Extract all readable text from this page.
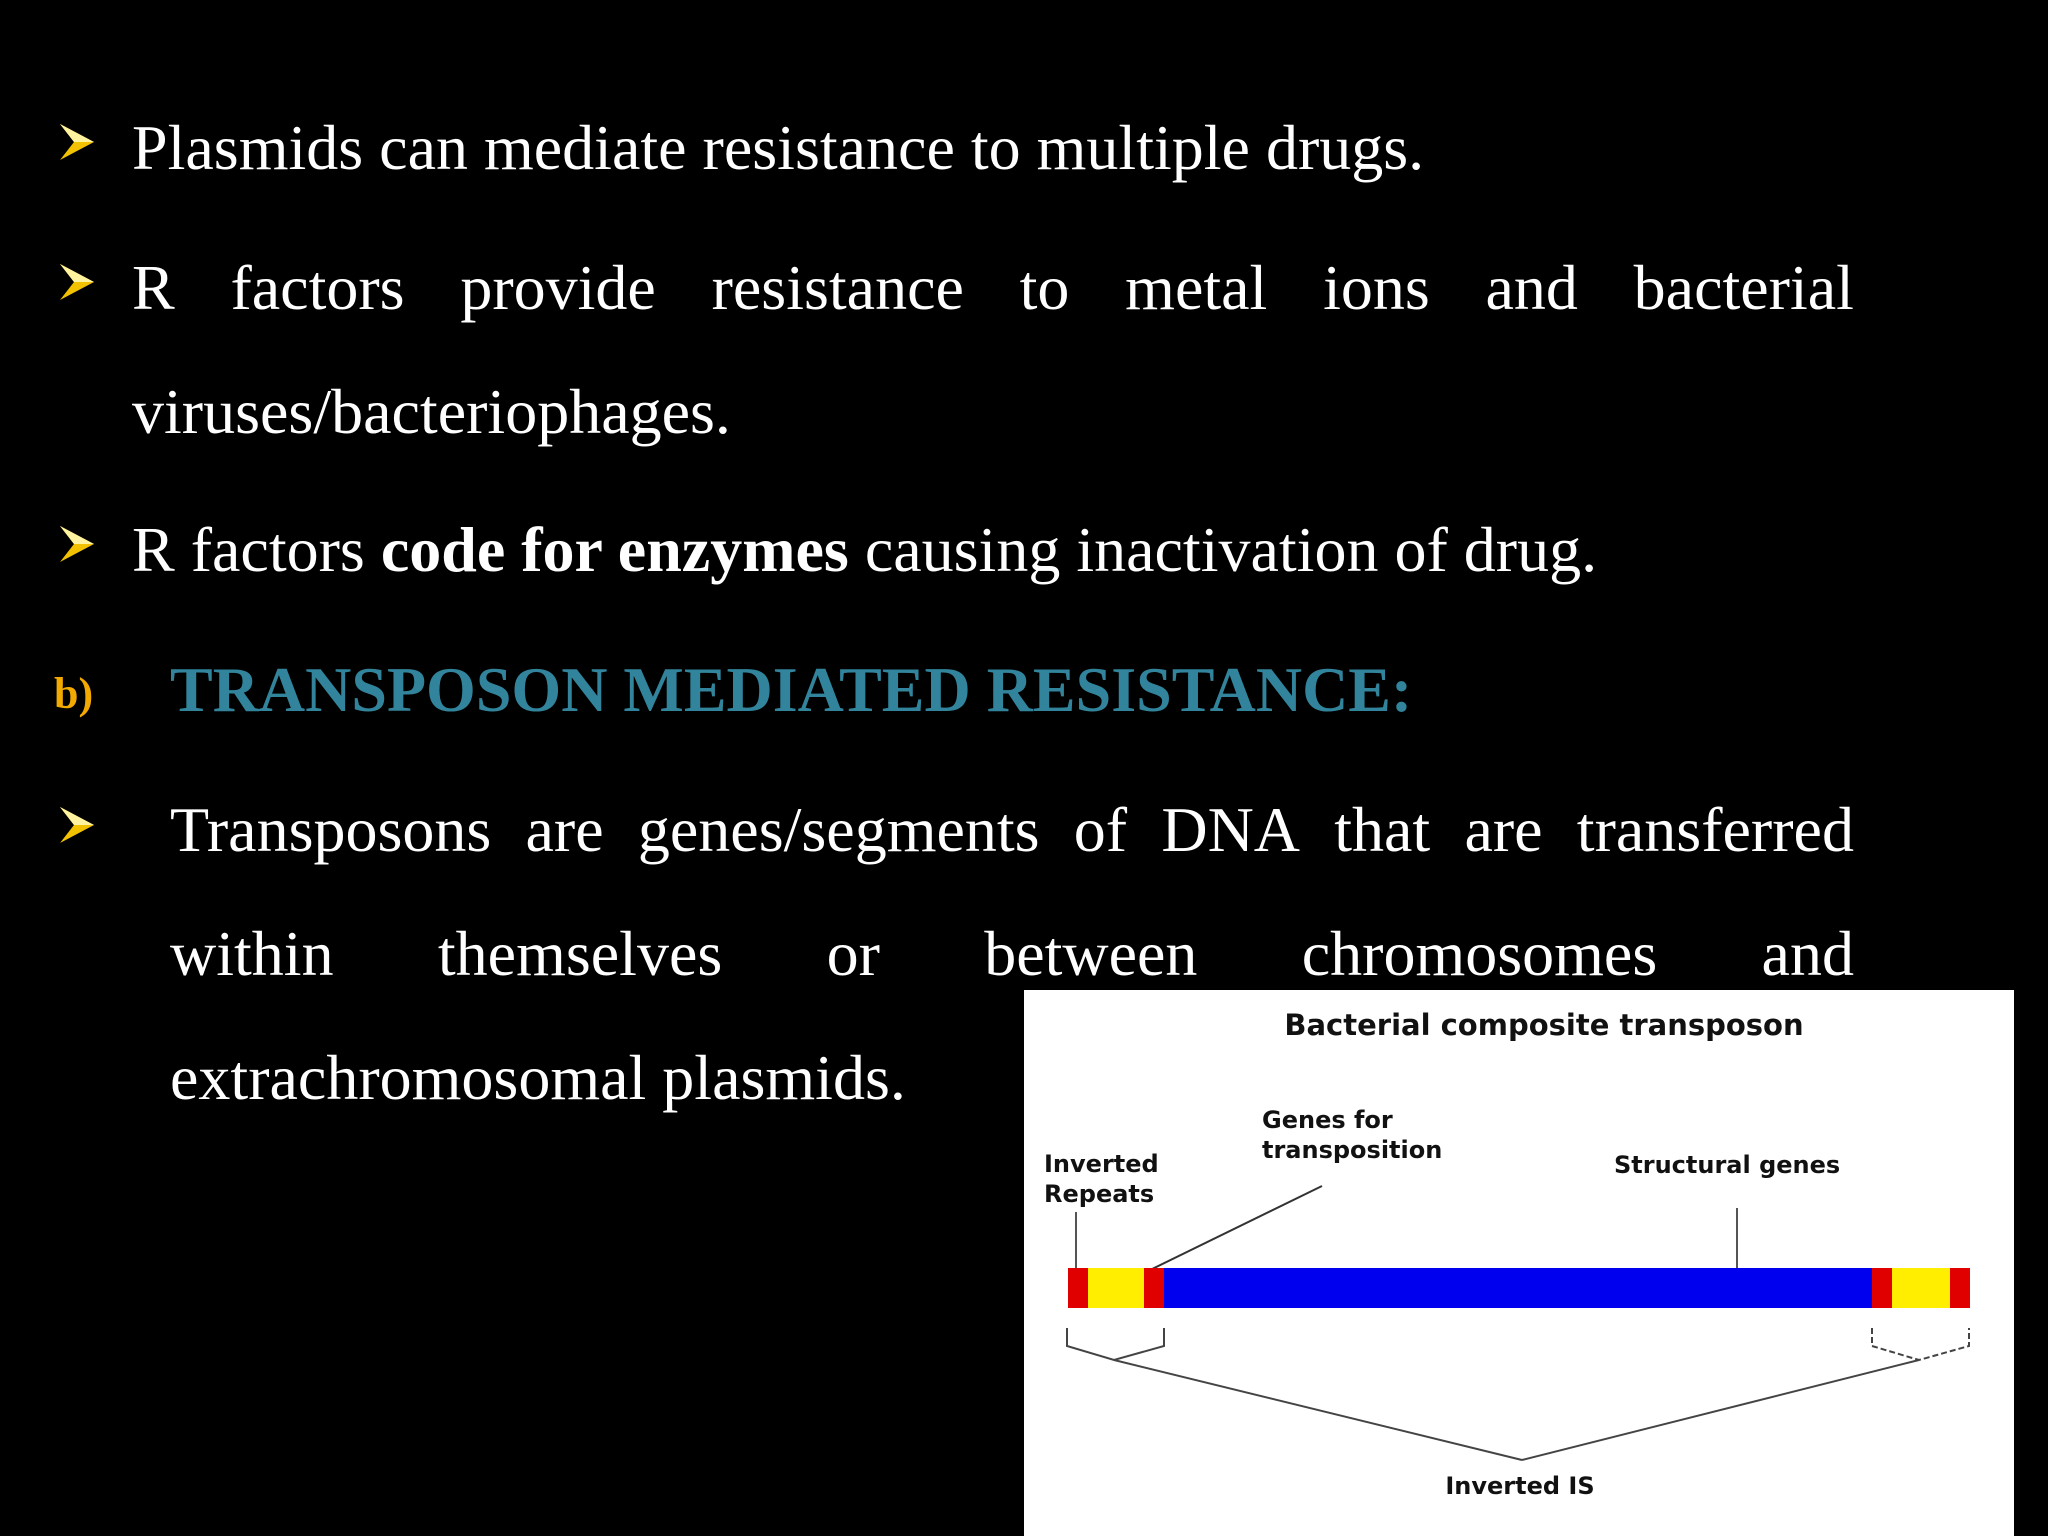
Plasmids can mediate resistance to multiple drugs.
R factors provide resistance to metal ions and bacterial
viruses/bacteriophages.
R factors code for enzymes causing inactivation of drug.
b) TRANSPOSON MEDIATED RESISTANCE:
Transposons are genes/segments of DNA that are transferred
within themselves or between chromosomes and
extrachromosomal plasmids.
Bacterial composite transposon
Genes for
transposition
Inverted
Repeats
Structural genes
Inverted IS
